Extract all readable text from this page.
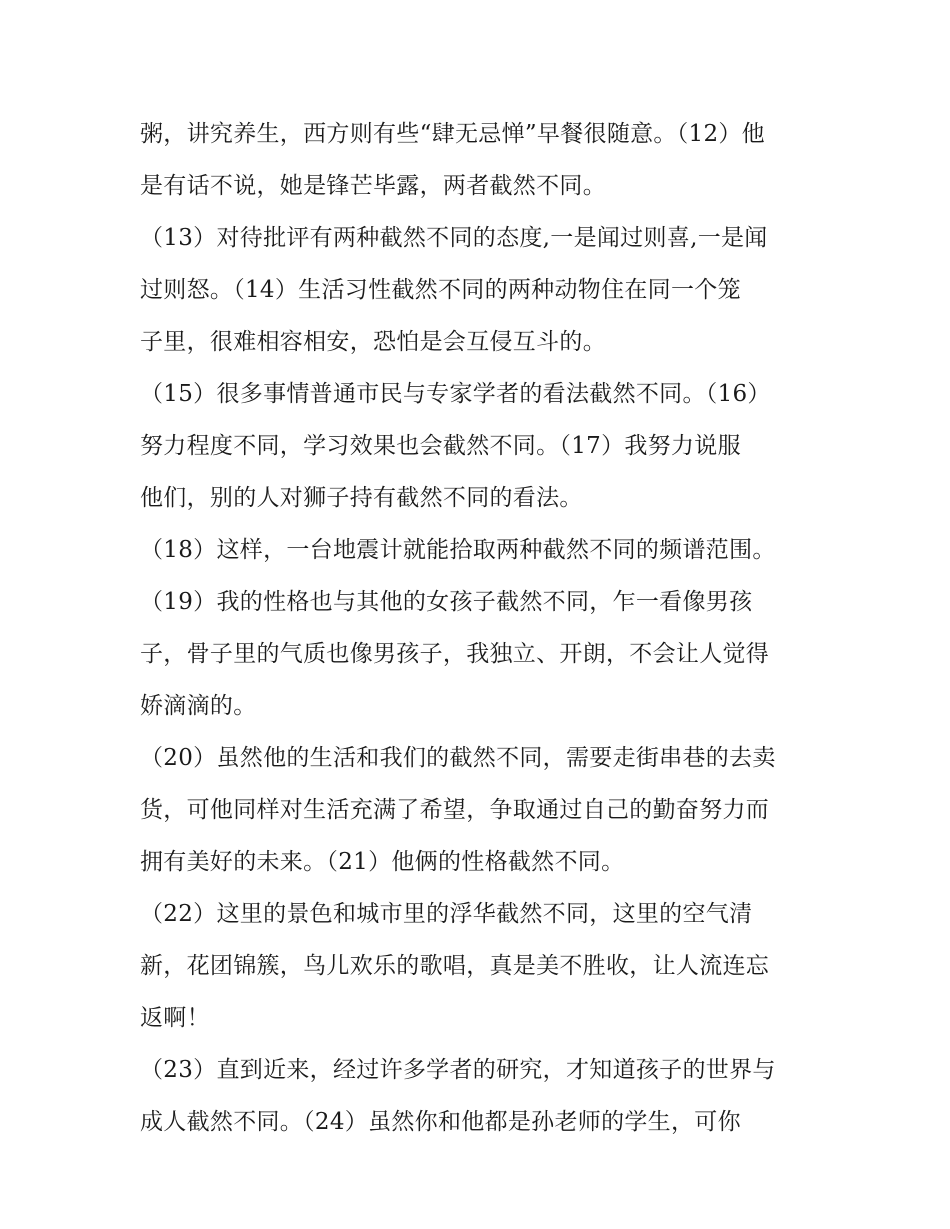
粥，讲究养生，西方则有些“肆无忌惮”早餐很随意。（12）他
是有话不说，她是锋芒毕露，两者截然不同。
（13）对待批评有两种截然不同的态度,一是闻过则喜,一是闻
过则怒。（14）生活习性截然不同的两种动物住在同一个笼
子里，很难相容相安，恐怕是会互侵互斗的。
（15）很多事情普通市民与专家学者的看法截然不同。（16）
努力程度不同，学习效果也会截然不同。（17）我努力说服
他们，别的人对狮子持有截然不同的看法。
（18）这样，一台地震计就能拾取两种截然不同的频谱范围。
（19）我的性格也与其他的女孩子截然不同，乍一看像男孩
子，骨子里的气质也像男孩子，我独立、开朗，不会让人觉得
娇滴滴的。
（20）虽然他的生活和我们的截然不同，需要走街串巷的去卖
货，可他同样对生活充满了希望，争取通过自己的勤奋努力而
拥有美好的未来。（21）他俩的性格截然不同。
（22）这里的景色和城市里的浮华截然不同，这里的空气清
新，花团锦簇，鸟儿欢乐的歌唱，真是美不胜收，让人流连忘
返啊！
（23）直到近来，经过许多学者的研究，才知道孩子的世界与
成人截然不同。（24）虽然你和他都是孙老师的学生，可你
